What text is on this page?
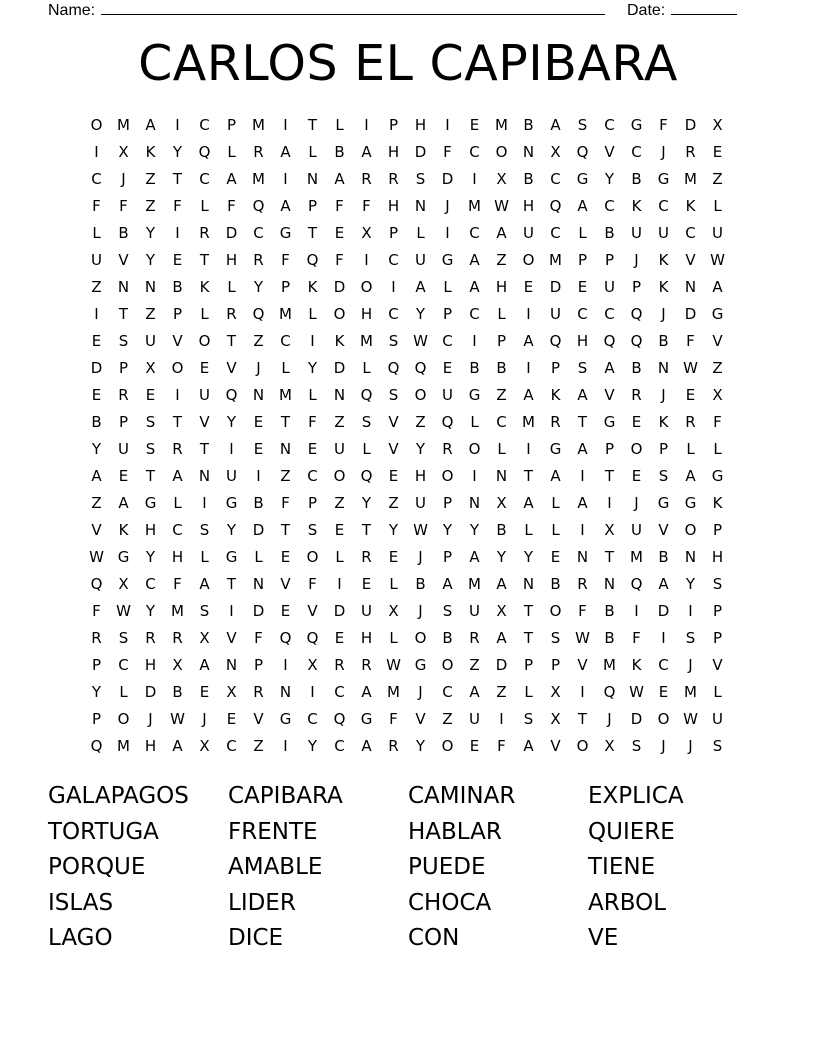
Name:	Date:
CARLOS EL CAPIBARA
O M	A	I	C	P	M	I	T	L	I	P	H	I	E	M	B	A	S	C	G	F	D	X
I	X	K	Y	Q	L	R	A	L	B	A	H	D	F	C	O	N	X	Q	V	C	J	R	E
C	J	Z	T	C	A	M	I	N	A	R	R	S	D	I	X	B	C	G	Y	B	G M	Z
F	F	Z	F	L	F	Q	A	P	F	F	H	N	J	M W H	Q	A	C	K	C	K	L
L	B	Y	I	R	D	C	G	T	E	X	P	L	I	C	A	U	C	L	B	U	U	C	U
U	V	Y	E	T	H	R	F	Q	F	I	C	U	G	A	Z	O M	P	P	J	K	V W
Z	N	N	B	K	L	Y	P	K	D	O	I	A	L	A	H	E	D	E	U	P	K	N	A
I	T	Z	P	L	R	Q M	L	O	H	C	Y	P	C	L	I	U	C	C	Q	J	D	G
E	S	U	V	O	T	Z	C	I	K	M	S W C	I	P	A	Q	H	Q	Q	B	F	V
D	P	X	O	E	V	J	L	Y	D	L	Q	Q	E	B	B	I	P	S	A	B	N W Z
E	R	E	I	U	Q	N M	L	N	Q	S	O	U	G	Z	A	K	A	V	R	J	E	X
B	P	S	T	V	Y	E	T	F	Z	S	V	Z	Q	L	C	M	R	T	G	E	K	R	F
Y	U	S	R	T	I	E	N	E	U	L	V	Y	R	O	L	I	G	A	P	O	P	L	L
A	E	T	A	N	U	I	Z	C	O	Q	E	H	O	I	N	T	A	I	T	E	S	A	G
Z	A	G	L	I	G	B	F	P	Z	Y	Z	U	P	N	X	A	L	A	I	J	G	G	K
V	K	H	C	S	Y	D	T	S	E	T	Y	W Y	Y	B	L	L	I	X	U	V	O	P
W G	Y	H	L	G	L	E	O	L	R	E	J	P	A	Y	Y	E	N	T	M	B	N	H
Q	X	C	F	A	T	N	V	F	I	E	L	B	A	M	A	N	B	R	N	Q	A	Y	S
F	W Y	M	S	I	D	E	V	D	U	X	J	S	U	X	T	O	F	B	I	D	I	P
R	S	R	R	X	V	F	Q	Q	E	H	L	O	B	R	A	T	S W B	F	I	S	P
P	C	H	X	A	N	P	I	X	R	R W G	O	Z	D	P	P	V	M	K	C	J	V
Y	L	D	B	E	X	R	N	I	C	A	M	J	C	A	Z	L	X	I	Q W E	M	L
P	O	J	W	J	E	V	G	C	Q	G	F	V	Z	U	I	S	X	T	J	D	O W U
Q M H	A	X	C	Z	I	Y	C	A	R	Y	O	E	F	A	V	O	X	S	J	J	S
GALAPAGOS	CAPIBARA	CAMINAR	EXPLICA
TORTUGA	FRENTE	HABLAR	QUIERE
PORQUE	AMABLE	PUEDE	TIENE
ISLAS	LIDER	CHOCA	ARBOL
LAGO	DICE	CON	VE
